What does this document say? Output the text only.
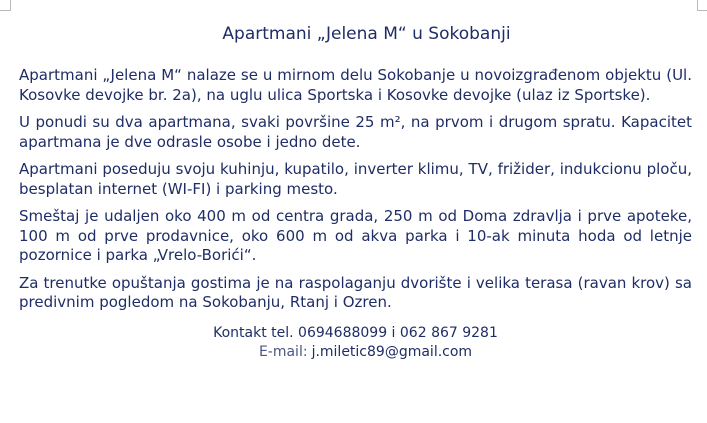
Apartmani „Jelena M“ u Sokobanji

Apartmani „Jelena M“ nalaze se u mirnom delu Sokobanje u novoizgrađenom objektu (Ul. Kosovke devojke br. 2a), na uglu ulica Sportska i Kosovke devojke (ulaz iz Sportske).

U ponudi su dva apartmana, svaki površine 25 m², na prvom i drugom spratu. Kapacitet apartmana je dve odrasle osobe i jedno dete.

Apartmani poseduju svoju kuhinju, kupatilo, inverter klimu, TV, frižider, indukcionu ploču, besplatan internet (WI-FI) i parking mesto.

Smeštaj je udaljen oko 400 m od centra grada, 250 m od Doma zdravlja i prve apoteke, 100 m od prve prodavnice, oko 600 m od akva parka i 10-ak minuta hoda od letnje pozornice i parka „Vrelo-Borići“.

Za trenutke opuštanja gostima je na raspolaganju dvorište i velika terasa (ravan krov) sa predivnim pogledom na Sokobanju, Rtanj i Ozren.

Kontakt tel. 0694688099 i 062 867 9281
E-mail: j.miletic89@gmail.com
